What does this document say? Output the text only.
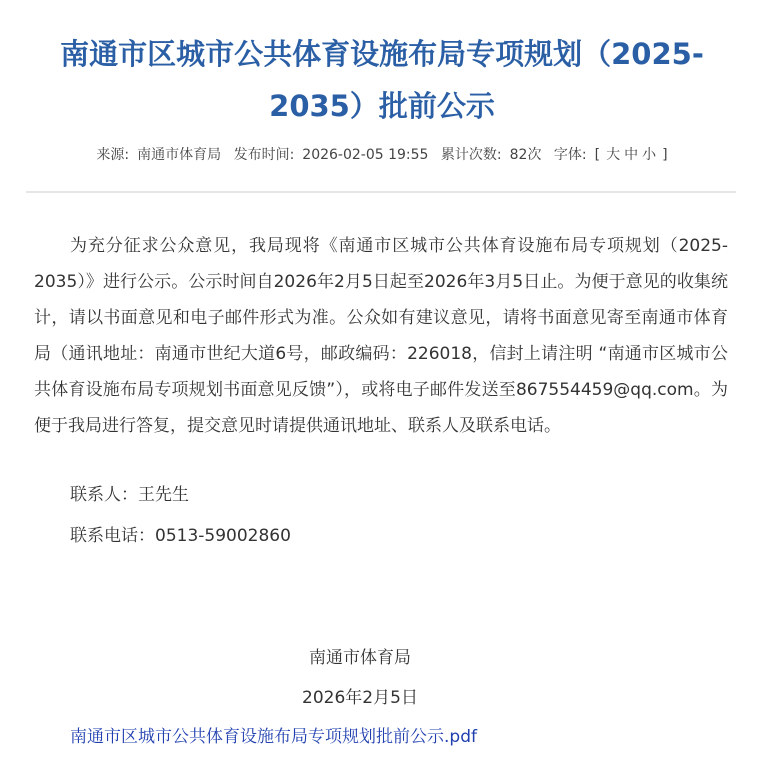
南通市区城市公共体育设施布局专项规划（2025-
2035）批前公示
来源: 南通市体育局 发布时间: 2026-02-05 19:55 累计次数: 82次 字体: [ 大 中 小 ]

为充分征求公众意见，我局现将《南通市区城市公共体育设施布局专项规划（2025-2035）》进行公示。公示时间自2026年2月5日起至2026年3月5日止。为便于意见的收集统计，请以书面意见和电子邮件形式为准。公众如有建议意见，请将书面意见寄至南通市体育局（通讯地址：南通市世纪大道6号，邮政编码：226018，信封上请注明 “南通市区城市公共体育设施布局专项规划书面意见反馈”），或将电子邮件发送至867554459@qq.com。为便于我局进行答复，提交意见时请提供通讯地址、联系人及联系电话。

联系人：王先生
联系电话：0513-59002860
南通市体育局
2026年2月5日
南通市区城市公共体育设施布局专项规划批前公示.pdf
